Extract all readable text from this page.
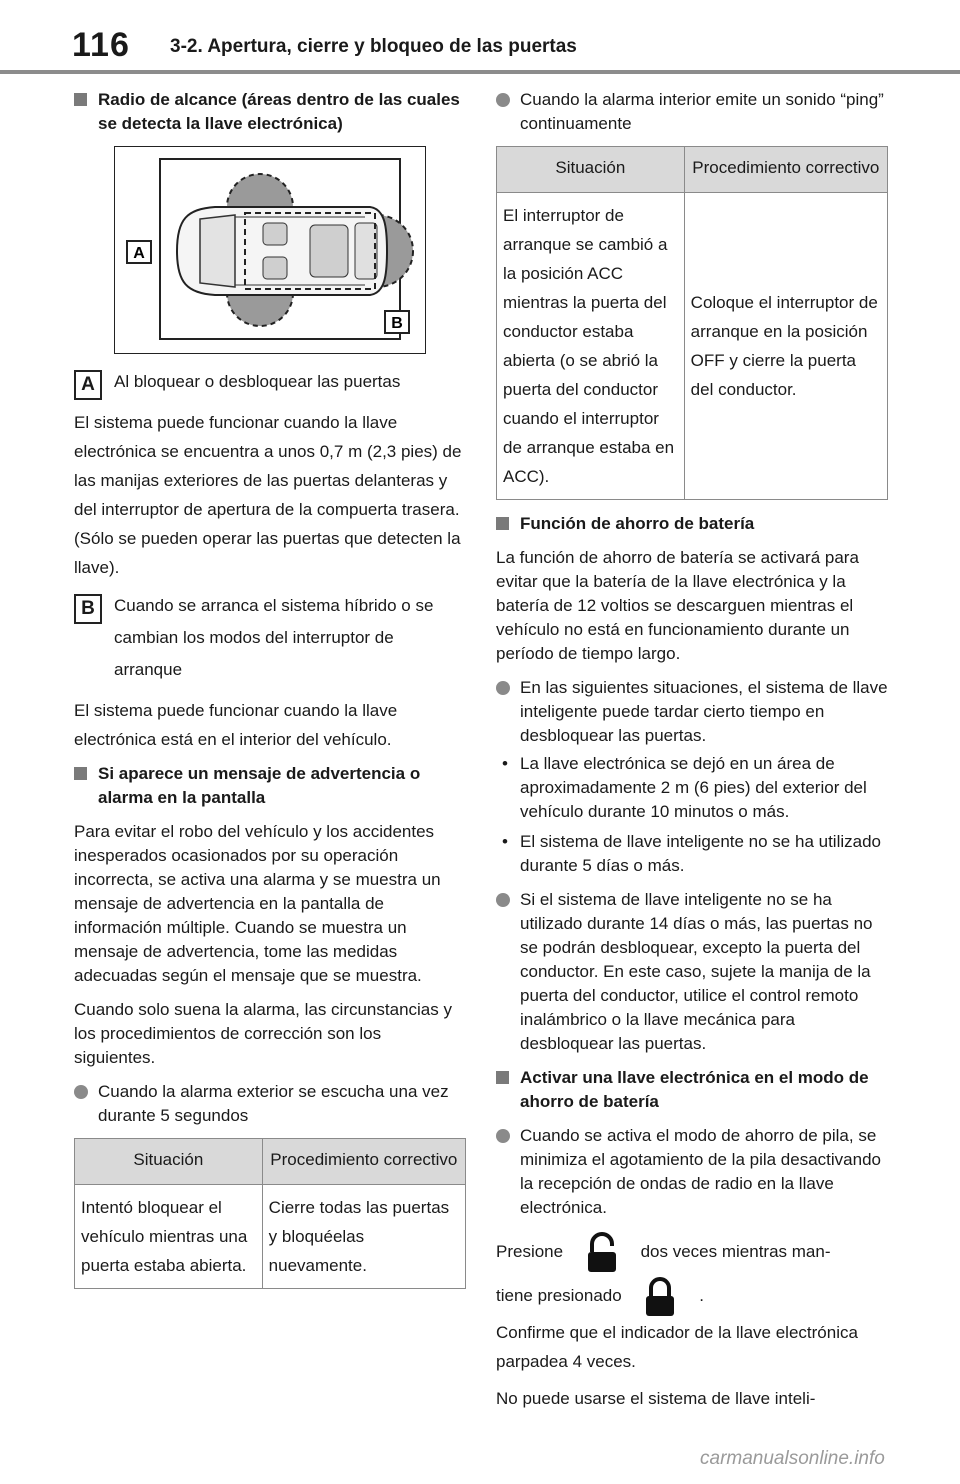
116 3-2. Apertura, cierre y bloqueo de las puertas

Radio de alcance (áreas dentro de las cuales se detecta la llave electrónica)

A
B
A	Al bloquear o desbloquear las puertas

El sistema puede funcionar cuando la llave electrónica se encuentra a unos 0,7 m (2,3 pies) de las manijas exteriores de las puertas delanteras y del interruptor de apertura de la compuerta trasera. (Sólo se pueden operar las puertas que detecten la llave).

B	Cuando se arranca el sistema híbrido o se cambian los modos del interruptor de arranque

El sistema puede funcionar cuando la llave electrónica está en el interior del vehículo.

Si aparece un mensaje de advertencia o alarma en la pantalla

Para evitar el robo del vehículo y los accidentes inesperados ocasionados por su operación incorrecta, se activa una alarma y se muestra un mensaje de advertencia en la pantalla de información múltiple. Cuando se muestra un mensaje de advertencia, tome las medidas adecuadas según el mensaje que se muestra.

Cuando solo suena la alarma, las circunstancias y los procedimientos de corrección son los siguientes.

Cuando la alarma exterior se escucha una vez durante 5 segundos

Situación	Procedimiento correctivo
Intentó bloquear el vehículo mientras una puerta estaba abierta.	Cierre todas las puertas y bloquéelas nuevamente.

Cuando la alarma interior emite un sonido “ping” continuamente

Situación	Procedimiento correctivo
El interruptor de arranque se cambió a la posición ACC mientras la puerta del conductor estaba abierta (o se abrió la puerta del conductor cuando el interruptor de arranque estaba en ACC).	Coloque el interruptor de arranque en la posición OFF y cierre la puerta del conductor.

Función de ahorro de batería

La función de ahorro de batería se activará para evitar que la batería de la llave electrónica y la batería de 12 voltios se descarguen mientras el vehículo no está en funcionamiento durante un período de tiempo largo.

En las siguientes situaciones, el sistema de llave inteligente puede tardar cierto tiempo en desbloquear las puertas.

• La llave electrónica se dejó en un área de aproximadamente 2 m (6 pies) del exterior del vehículo durante 10 minutos o más.

• El sistema de llave inteligente no se ha utilizado durante 5 días o más.

Si el sistema de llave inteligente no se ha utilizado durante 14 días o más, las puertas no se podrán desbloquear, excepto la puerta del conductor. En este caso, sujete la manija de la puerta del conductor, utilice el control remoto inalámbrico o la llave mecánica para desbloquear las puertas.

Activar una llave electrónica en el modo de ahorro de batería

Cuando se activa el modo de ahorro de pila, se minimiza el agotamiento de la pila desactivando la recepción de ondas de radio en la llave electrónica.

Presione	dos veces mientras man-

tiene presionado	.

Confirme que el indicador de la llave electrónica parpadea 4 veces.

No puede usarse el sistema de llave inteli-

carmanualsonline.info
